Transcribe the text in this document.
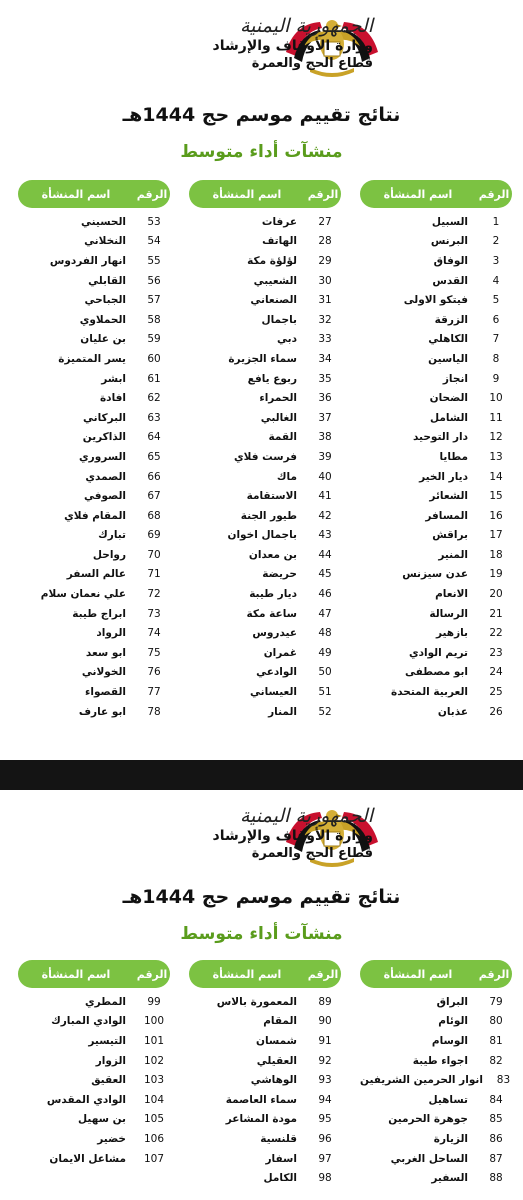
الجمهورية اليمنية
وزارة الأوقاف والإرشاد
قطاع الحج والعمرة
نتائج تقييم موسم حج 1444هـ
منشآت أداء متوسط
الرقم
اسم المنشأة
1
السبيل
2
البرنس
3
الوفاق
4
القدس
5
فيتكو الاولى
6
الزرقة
7
الكاهلي
8
الياسين
9
انجاز
10
الضحان
11
الشامل
12
دار التوحيد
13
مطايا
14
ديار الخير
15
الشعائر
16
المسافر
17
براقش
18
المنير
19
عدن سيزنس
20
الانعام
21
الرسالة
22
بازهير
23
تريم الوادي
24
ابو مصطفى
25
العربية المتحدة
26
عذبان
الرقم
اسم المنشأة
27
عرفات
28
الهاتف
29
لؤلؤة مكة
30
الشعيبي
31
الصنعاني
32
باجمال
33
دبي
34
سماء الجزيرة
35
ربوع يافع
36
الحمراء
37
الغالبي
38
القمة
39
فرست فلاي
40
ماك
41
الاستقامة
42
طيور الجنة
43
باجمال اخوان
44
بن معدان
45
حريضة
46
ديار طيبة
47
ساعة مكة
48
عيدروس
49
غمران
50
الوادعي
51
العيساني
52
المنار
الرقم
اسم المنشأة
53
الحسيني
54
النخلاني
55
انهار الفردوس
56
القابلي
57
الجباحي
58
الحملاوي
59
بن عليان
60
يسر المتميزة
61
ابشر
62
افادة
63
البركاني
64
الذاكرين
65
السروري
66
الصمدي
67
الصوفي
68
المقام فلاي
69
تبارك
70
رواحل
71
عالم السفر
72
علي نعمان سلام
73
ابراج طيبة
74
الرواد
75
ابو سعد
76
الخولاني
77
القصواء
78
ابو عارف
الجمهورية اليمنية
وزارة الأوقاف والإرشاد
قطاع الحج والعمرة
نتائج تقييم موسم حج 1444هـ
منشآت أداء متوسط
الرقم
اسم المنشأة
79
البراق
80
الوئام
81
الوسام
82
اجواء طيبة
83
انوار الحرمين الشريفين
84
تساهيل
85
جوهرة الحرمين
86
الزيارة
87
الساحل الغربي
88
السفير
الرقم
اسم المنشأة
89
المعمورة بالاس
90
المقام
91
شمسان
92
العقيلي
93
الوهاشي
94
سماء العاصمة
95
مودة المشاعر
96
قلنسية
97
اسفار
98
الكامل
الرقم
اسم المنشأة
99
المطري
100
الوادي المبارك
101
التيسير
102
الزوار
103
العقيق
104
الوادي المقدس
105
بن سهيل
106
خضير
107
مشاعل الايمان
